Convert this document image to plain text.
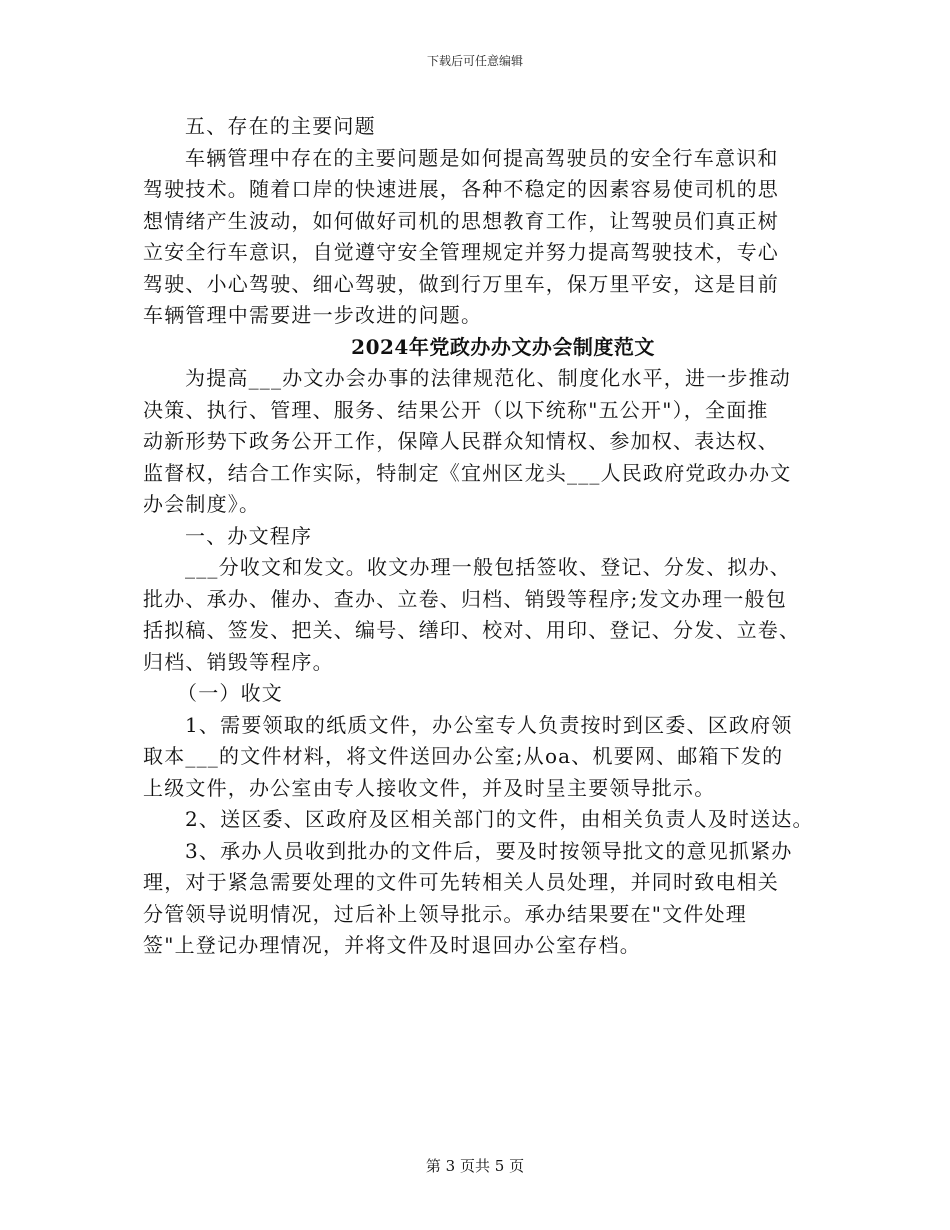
下载后可任意编辑
五、存在的主要问题
车辆管理中存在的主要问题是如何提高驾驶员的安全行车意识和
驾驶技术。随着口岸的快速进展，各种不稳定的因素容易使司机的思
想情绪产生波动，如何做好司机的思想教育工作，让驾驶员们真正树
立安全行车意识，自觉遵守安全管理规定并努力提高驾驶技术，专心
驾驶、小心驾驶、细心驾驶，做到行万里车，保万里平安，这是目前
车辆管理中需要进一步改进的问题。
2024年党政办办文办会制度范文
为提高___办文办会办事的法律规范化、制度化水平，进一步推动
决策、执行、管理、服务、结果公开（以下统称"五公开"），全面推
动新形势下政务公开工作，保障人民群众知情权、参加权、表达权、
监督权，结合工作实际，特制定《宜州区龙头___人民政府党政办办文
办会制度》。
一、办文程序
___分收文和发文。收文办理一般包括签收、登记、分发、拟办、
批办、承办、催办、查办、立卷、归档、销毁等程序;发文办理一般包
括拟稿、签发、把关、编号、缮印、校对、用印、登记、分发、立卷、
归档、销毁等程序。
（一）收文
1、需要领取的纸质文件，办公室专人负责按时到区委、区政府领
取本___的文件材料，将文件送回办公室;从oa、机要网、邮箱下发的
上级文件，办公室由专人接收文件，并及时呈主要领导批示。
2、送区委、区政府及区相关部门的文件，由相关负责人及时送达。
3、承办人员收到批办的文件后，要及时按领导批文的意见抓紧办
理，对于紧急需要处理的文件可先转相关人员处理，并同时致电相关
分管领导说明情况，过后补上领导批示。承办结果要在"文件处理
签"上登记办理情况，并将文件及时退回办公室存档。
第 3 页共 5 页
